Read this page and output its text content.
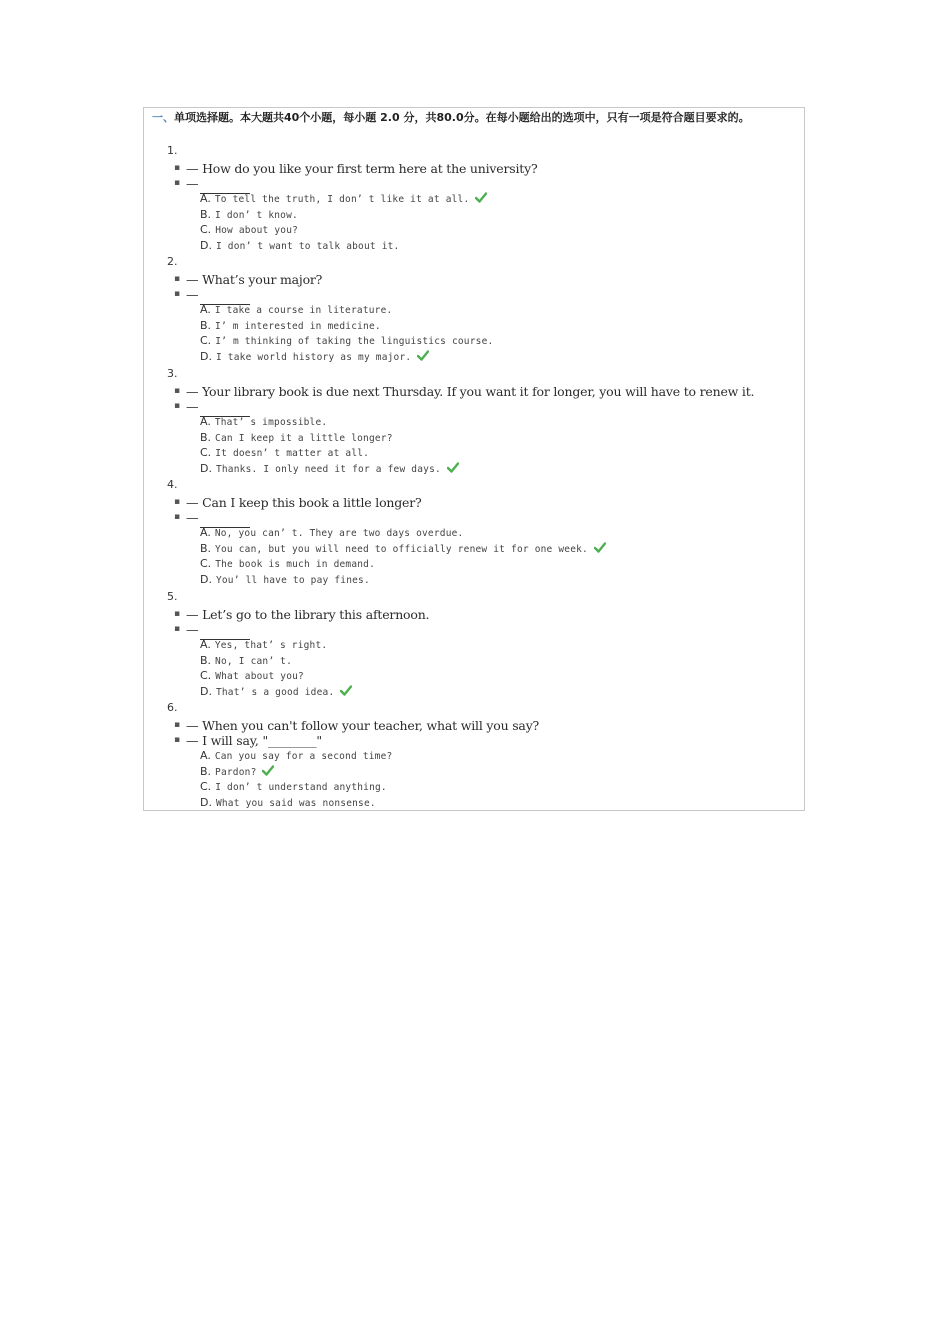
一、单项选择题。本大题共40个小题，每小题 2.0 分，共80.0分。在每小题给出的选项中，只有一项是符合题目要求的。
1.
▪ — How do you like your first term here at the university?
▪ —
A. To tell the truth, I don’ t like it at all.
B. I don’ t know.
C. How about you?
D. I don’ t want to talk about it.
2.
▪ — What’s your major?
▪ —
A. I take a course in literature.
B. I’ m interested in medicine.
C. I’ m thinking of taking the linguistics course.
D. I take world history as my major.
3.
▪ — Your library book is due next Thursday. If you want it for longer, you will have to renew it.
▪ —
A. That’ s impossible.
B. Can I keep it a little longer?
C. It doesn’ t matter at all.
D. Thanks. I only need it for a few days.
4.
▪ — Can I keep this book a little longer?
▪ —
A. No, you can’ t. They are two days overdue.
B. You can, but you will need to officially renew it for one week.
C. The book is much in demand.
D. You’ ll have to pay fines.
5.
▪ — Let’s go to the library this afternoon.
▪ —
A. Yes, that’ s right.
B. No, I can’ t.
C. What about you?
D. That’ s a good idea.
6.
▪ — When you can't follow your teacher, what will you say?
▪ — I will say, "________"
A. Can you say for a second time?
B. Pardon?
C. I don’ t understand anything.
D. What you said was nonsense.
